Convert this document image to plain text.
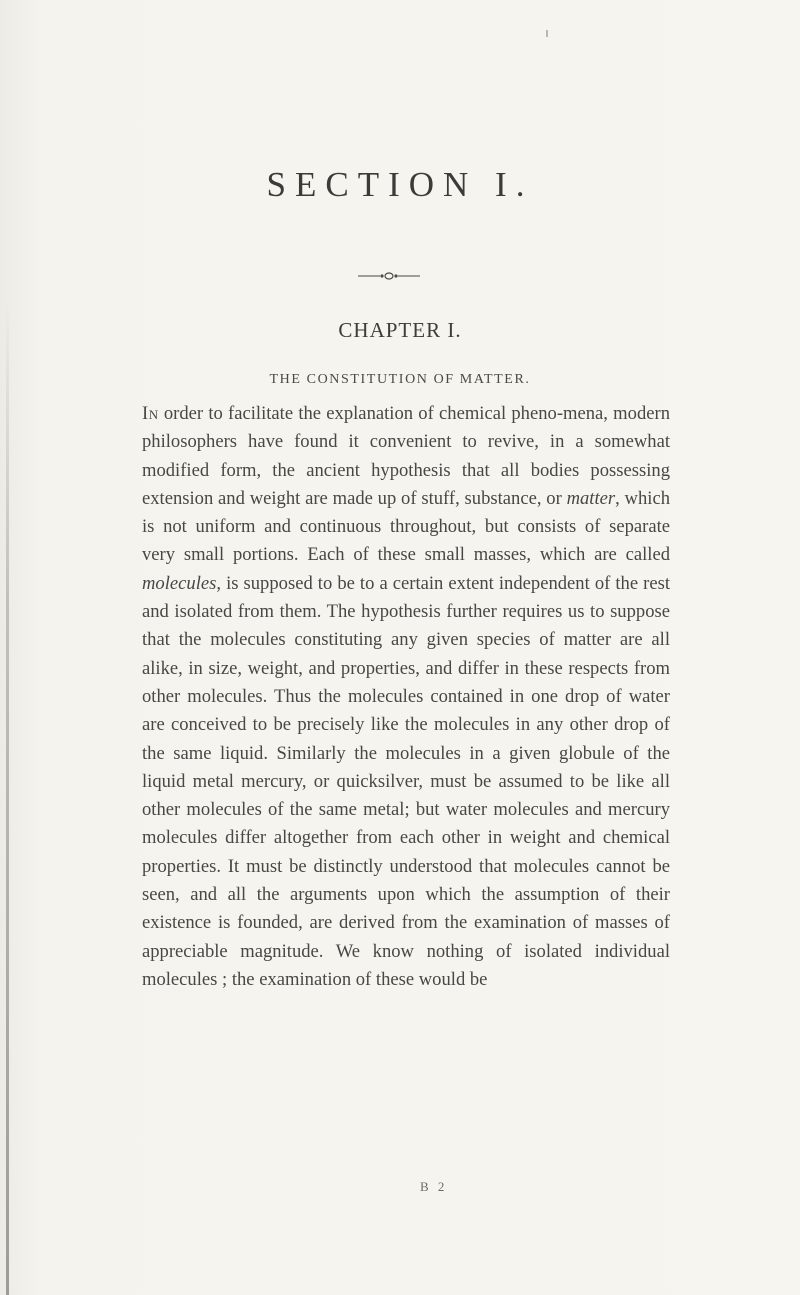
SECTION I.
CHAPTER I.
THE CONSTITUTION OF MATTER.

In order to facilitate the explanation of chemical pheno-mena, modern philosophers have found it convenient to revive, in a somewhat modified form, the ancient hypothesis that all bodies possessing extension and weight are made up of stuff, substance, or matter, which is not uniform and continuous throughout, but consists of separate very small portions. Each of these small masses, which are called molecules, is supposed to be to a certain extent independent of the rest and isolated from them. The hypothesis further requires us to suppose that the molecules constituting any given species of matter are all alike, in size, weight, and properties, and differ in these respects from other molecules. Thus the molecules contained in one drop of water are conceived to be precisely like the molecules in any other drop of the same liquid. Similarly the molecules in a given globule of the liquid metal mercury, or quicksilver, must be assumed to be like all other molecules of the same metal; but water molecules and mercury molecules differ altogether from each other in weight and chemical properties. It must be distinctly understood that molecules cannot be seen, and all the arguments upon which the assumption of their existence is founded, are derived from the examination of masses of appreciable magnitude. We know nothing of isolated individual molecules ; the examination of these would be

B 2
